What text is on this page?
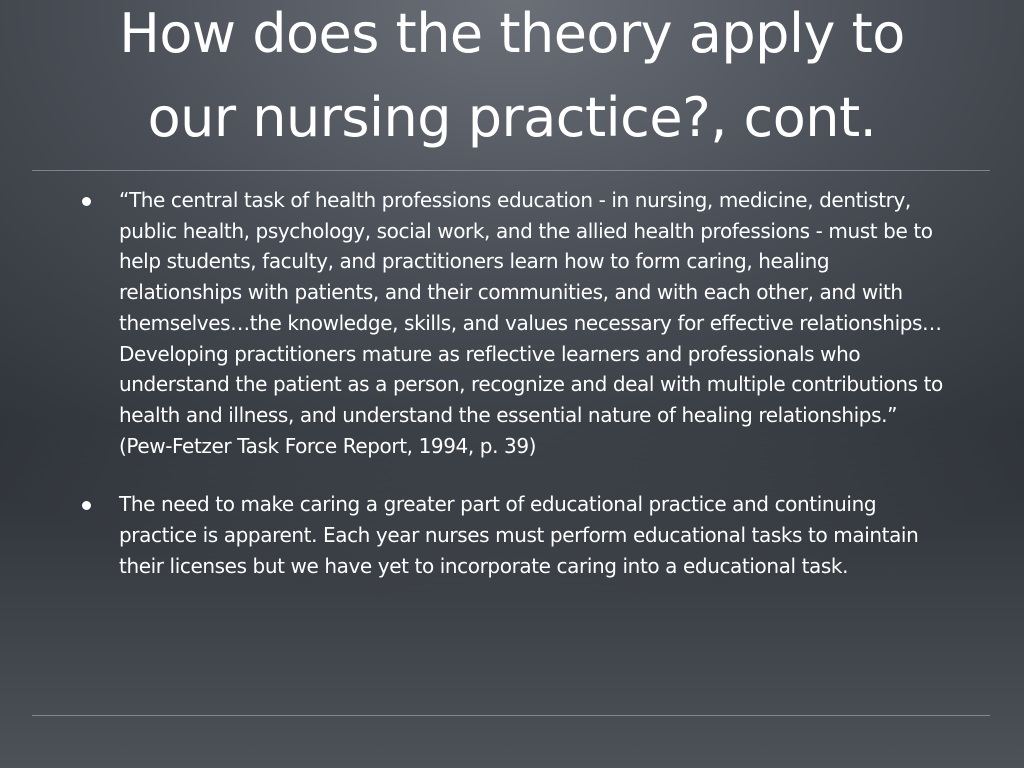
How does the theory apply to
our nursing practice?, cont.
“The central task of health professions education - in nursing, medicine, dentistry, public health, psychology, social work, and the allied health professions - must be to help students, faculty, and practitioners learn how to form caring, healing relationships with patients, and their communities, and with each other, and with themselves…the knowledge, skills, and values necessary for effective relationships… Developing practitioners mature as reflective learners and professionals who understand the patient as a person, recognize and deal with multiple contributions to health and illness, and understand the essential nature of healing relationships.” (Pew-Fetzer Task Force Report, 1994, p. 39)
The need to make caring a greater part of educational practice and continuing practice is apparent. Each year nurses must perform educational tasks to maintain their licenses but we have yet to incorporate caring into a educational task.
